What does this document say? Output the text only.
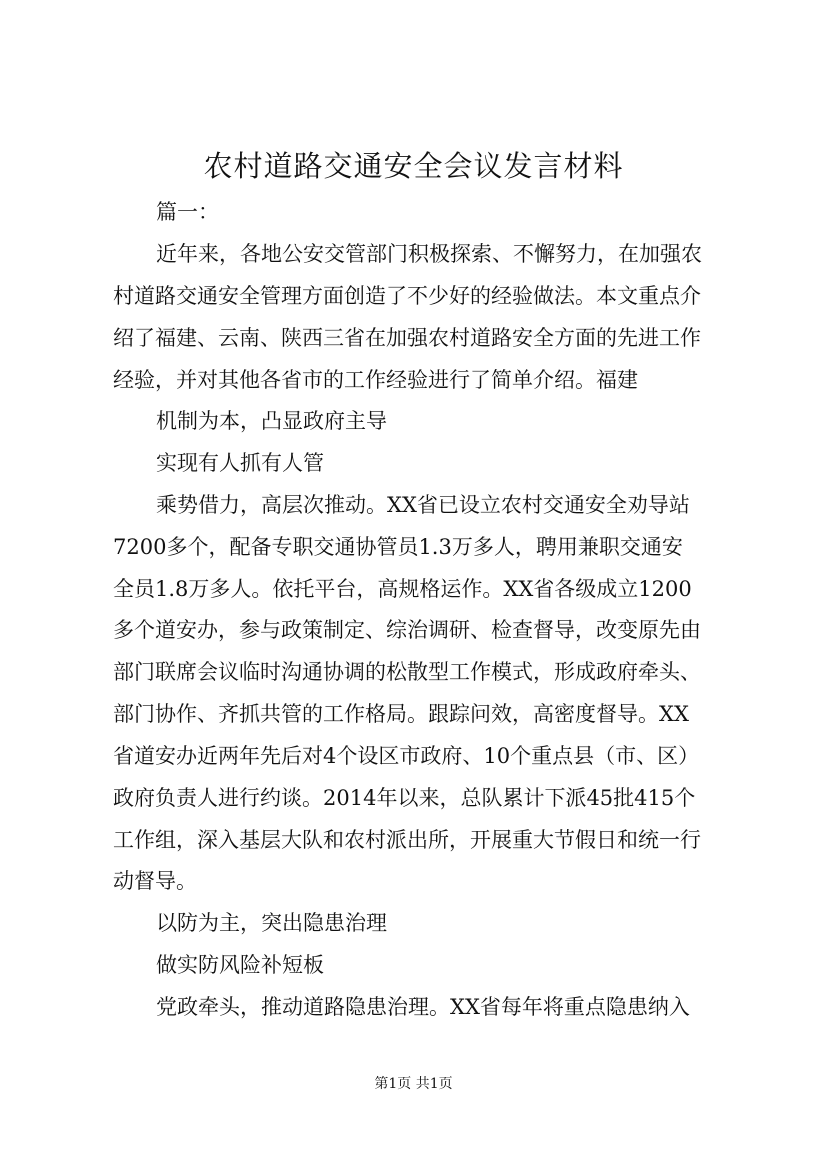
农村道路交通安全会议发言材料
篇一：
近年来，各地公安交管部门积极探索、不懈努力，在加强农
村道路交通安全管理方面创造了不少好的经验做法。本文重点介
绍了福建、云南、陕西三省在加强农村道路安全方面的先进工作
经验，并对其他各省市的工作经验进行了简单介绍。福建
机制为本，凸显政府主导
实现有人抓有人管
乘势借力，高层次推动。XX省已设立农村交通安全劝导站
7200多个，配备专职交通协管员1.3万多人，聘用兼职交通安
全员1.8万多人。依托平台，高规格运作。XX省各级成立1200
多个道安办，参与政策制定、综治调研、检查督导，改变原先由
部门联席会议临时沟通协调的松散型工作模式，形成政府牵头、
部门协作、齐抓共管的工作格局。跟踪问效，高密度督导。XX
省道安办近两年先后对4个设区市政府、10个重点县（市、区）
政府负责人进行约谈。2014年以来，总队累计下派45批415个
工作组，深入基层大队和农村派出所，开展重大节假日和统一行
动督导。
以防为主，突出隐患治理
做实防风险补短板
党政牵头，推动道路隐患治理。XX省每年将重点隐患纳入
第1页 共1页
